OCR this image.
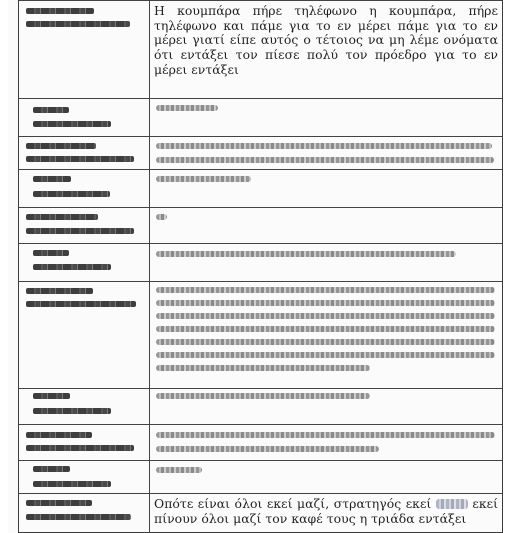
Η κουμπάρα πήρε τηλέφωνο η κουμπάρα, πήρε τηλέφωνο και πάμε για το εν μέρει πάμε για το εν μέρει γιατί είπε αυτός ο τέτοιος να μη λέμε ονόματα ότι εντάξει τον πίεσε πολύ τον πρόεδρο για το εν μέρει εντάξει
Οπότε είναι όλοι εκεί μαζί, στρατηγός εκεί	εκεί πίνουν όλοι μαζί τον καφέ τους η τριάδα εντάξει
